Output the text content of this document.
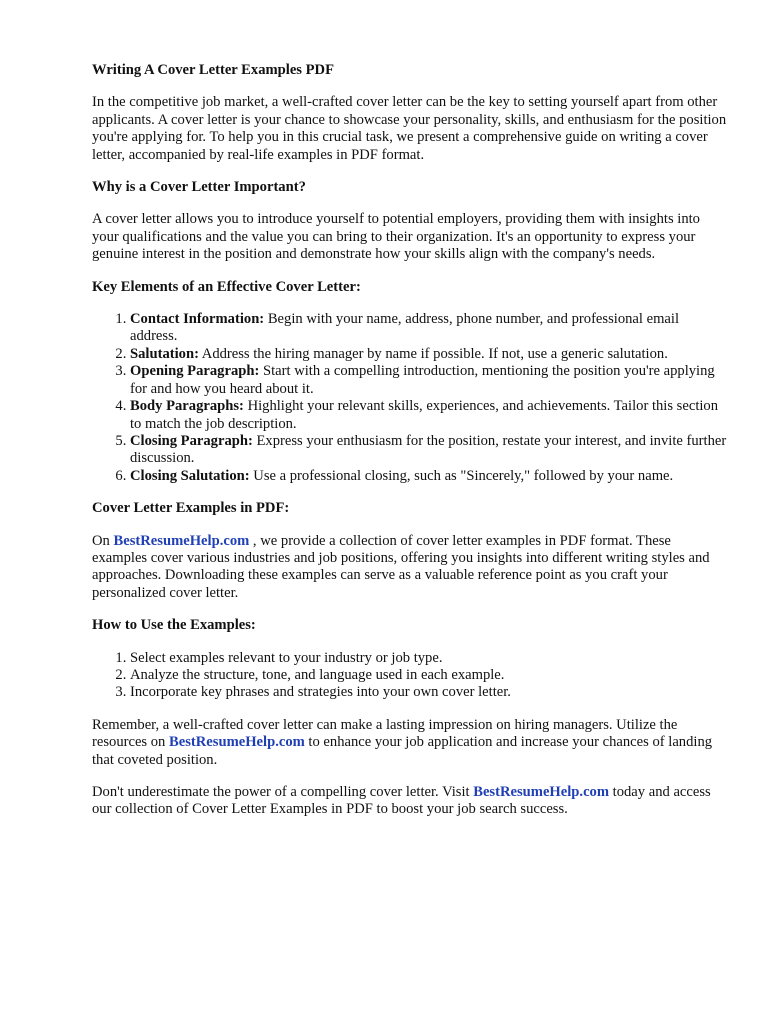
Writing A Cover Letter Examples PDF

In the competitive job market, a well-crafted cover letter can be the key to setting yourself apart from other applicants. A cover letter is your chance to showcase your personality, skills, and enthusiasm for the position you're applying for. To help you in this crucial task, we present a comprehensive guide on writing a cover letter, accompanied by real-life examples in PDF format.

Why is a Cover Letter Important?

A cover letter allows you to introduce yourself to potential employers, providing them with insights into your qualifications and the value you can bring to their organization. It's an opportunity to express your genuine interest in the position and demonstrate how your skills align with the company's needs.

Key Elements of an Effective Cover Letter:
1. Contact Information: Begin with your name, address, phone number, and professional email address.
2. Salutation: Address the hiring manager by name if possible. If not, use a generic salutation.
3. Opening Paragraph: Start with a compelling introduction, mentioning the position you're applying for and how you heard about it.
4. Body Paragraphs: Highlight your relevant skills, experiences, and achievements. Tailor this section to match the job description.
5. Closing Paragraph: Express your enthusiasm for the position, restate your interest, and invite further discussion.
6. Closing Salutation: Use a professional closing, such as "Sincerely," followed by your name.
Cover Letter Examples in PDF:

On BestResumeHelp.com , we provide a collection of cover letter examples in PDF format. These examples cover various industries and job positions, offering you insights into different writing styles and approaches. Downloading these examples can serve as a valuable reference point as you craft your personalized cover letter.

How to Use the Examples:
1. Select examples relevant to your industry or job type.
2. Analyze the structure, tone, and language used in each example.
3. Incorporate key phrases and strategies into your own cover letter.

Remember, a well-crafted cover letter can make a lasting impression on hiring managers. Utilize the resources on BestResumeHelp.com to enhance your job application and increase your chances of landing that coveted position.

Don't underestimate the power of a compelling cover letter. Visit BestResumeHelp.com today and access our collection of Cover Letter Examples in PDF to boost your job search success.
